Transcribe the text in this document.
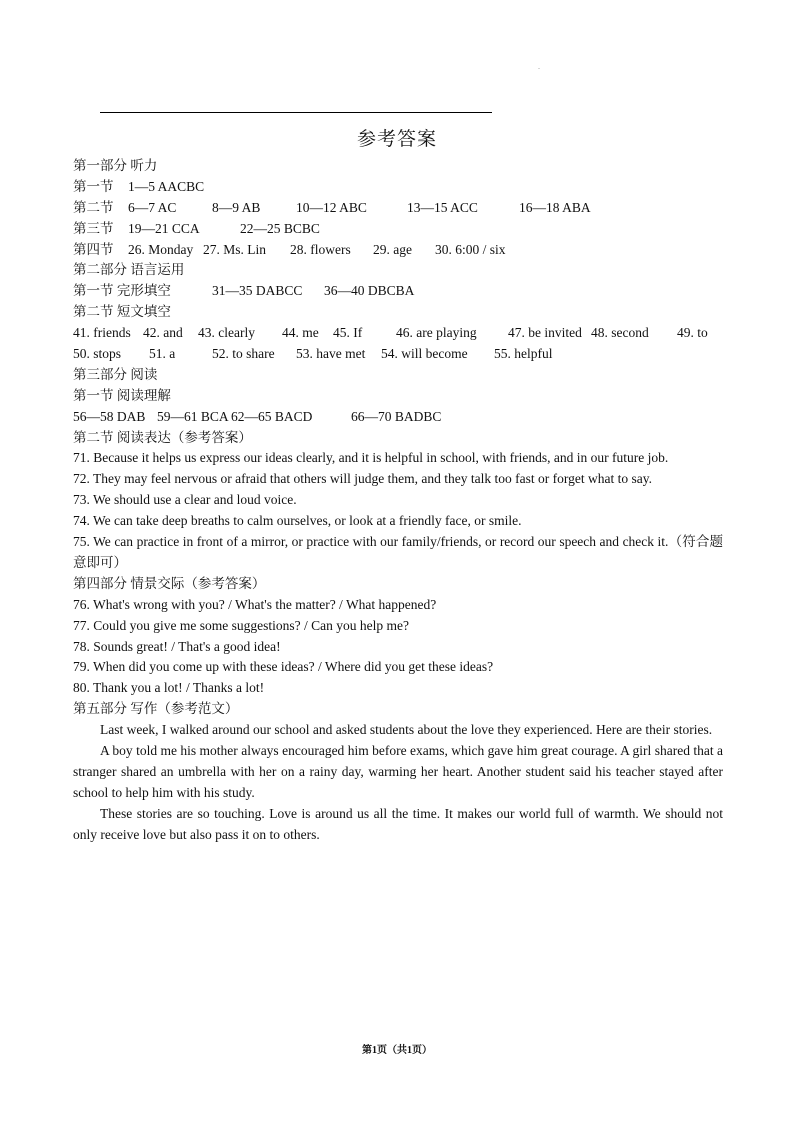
.
参考答案
第一部分 听力
第一节 1—5 AACBC
第二节 6—7 AC	8—9 AB	10—12 ABC	13—15 ACC	16—18 ABA
第三节 19—21 CCA	22—25 BCBC
第四节 26. Monday 27. Ms. Lin 28. flowers 29. age 30. 6:00 / six
第二部分 语言运用
第一节 完形填空	31—35 DABCC 36—40 DBCBA
第二节 短文填空
41. friends 42. and 43. clearly 44. me 45. If	46. are playing 47. be invited 48. second 49. to
50. stops 51. a	52. to share 53. have met 54. will become 55. helpful
第三部分 阅读
第一节 阅读理解
56—58 DAB 59—61 BCA 62—65 BACD	66—70 BADBC
第二节 阅读表达（参考答案）
71. Because it helps us express our ideas clearly, and it is helpful in school, with friends, and in our future job.
72. They may feel nervous or afraid that others will judge them, and they talk too fast or forget what to say.
73. We should use a clear and loud voice.
74. We can take deep breaths to calm ourselves, or look at a friendly face, or smile.
75. We can practice in front of a mirror, or practice with our family/friends, or record our speech and check it.（符合题意即可）
第四部分 情景交际（参考答案）
76. What's wrong with you? / What's the matter? / What happened?
77. Could you give me some suggestions? / Can you help me?
78. Sounds great! / That's a good idea!
79. When did you come up with these ideas? / Where did you get these ideas?
80. Thank you a lot! / Thanks a lot!
第五部分 写作（参考范文）
Last week, I walked around our school and asked students about the love they experienced. Here are their stories.
A boy told me his mother always encouraged him before exams, which gave him great courage. A girl shared that a stranger shared an umbrella with her on a rainy day, warming her heart. Another student said his teacher stayed after school to help him with his study.
These stories are so touching. Love is around us all the time. It makes our world full of warmth. We should not only receive love but also pass it on to others.
第1页（共1页）
